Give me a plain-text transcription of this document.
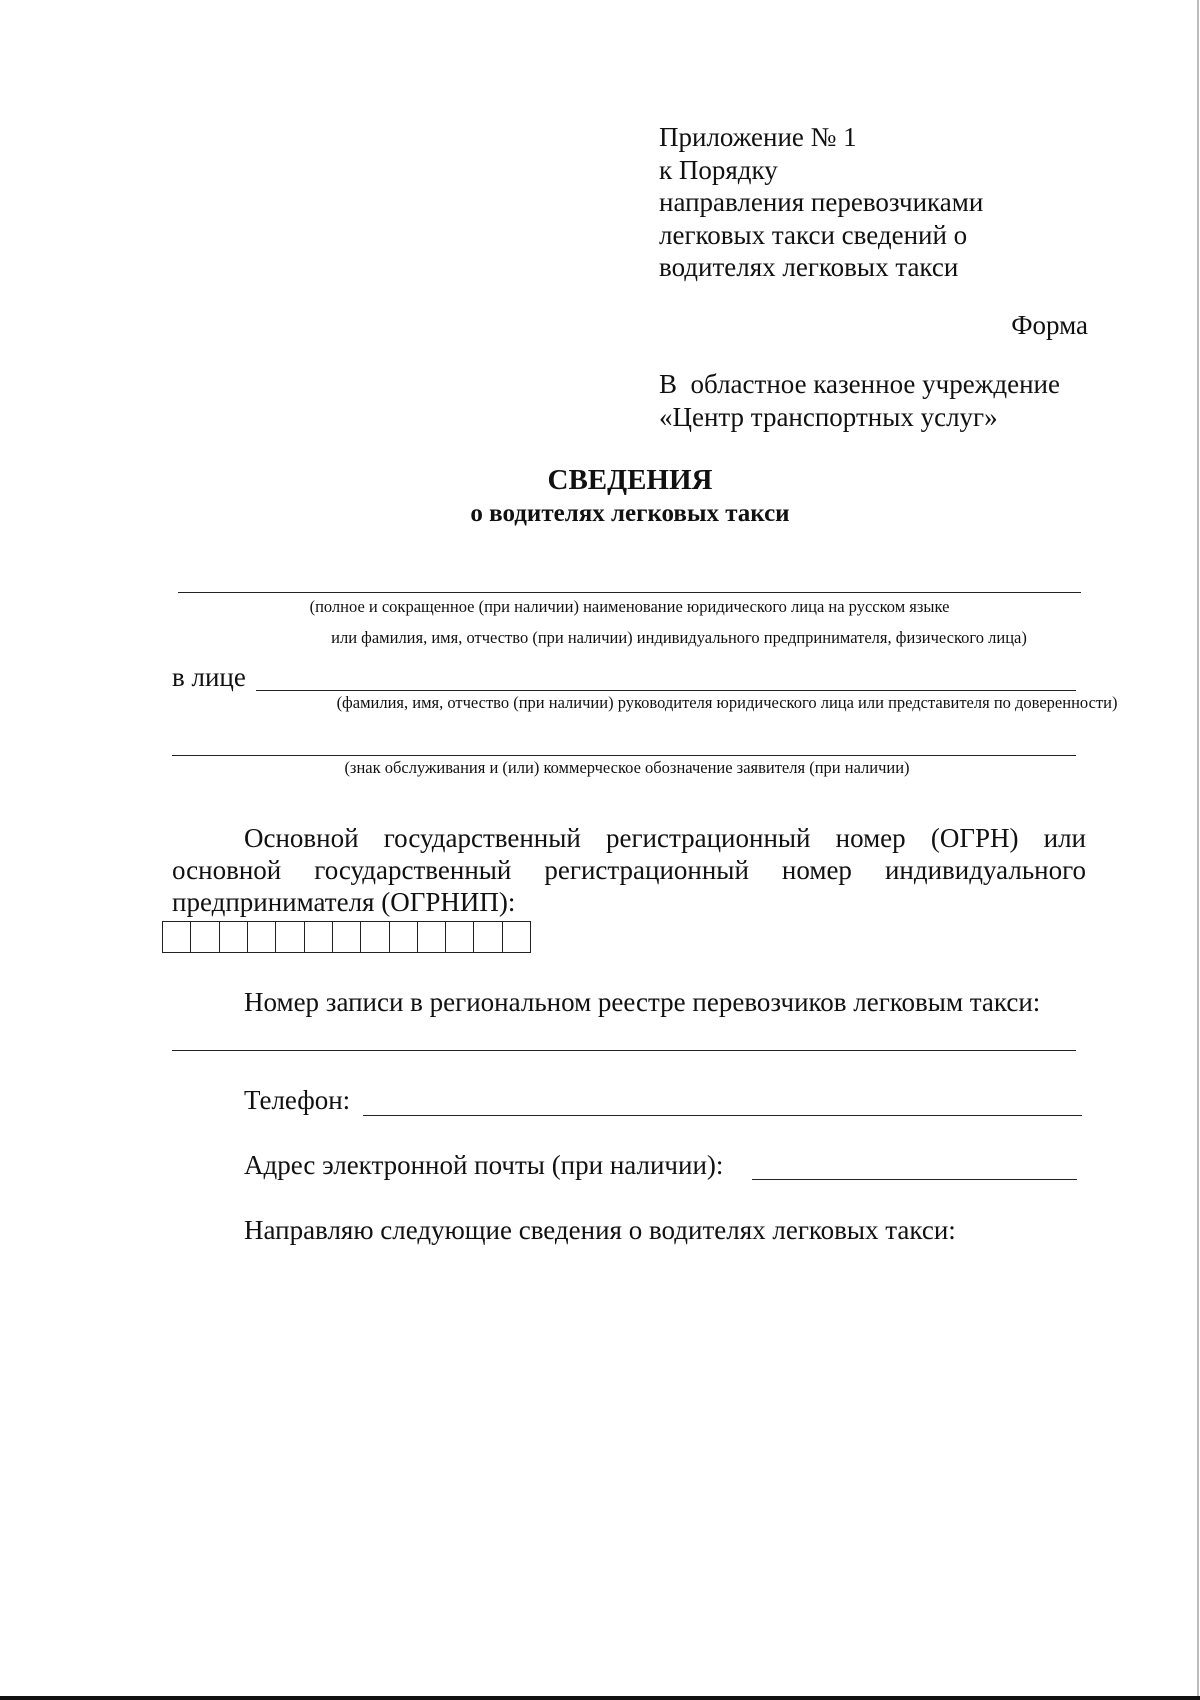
Приложение № 1
к Порядку
направления перевозчиками
легковых такси сведений о
водителях легковых такси
Форма
В  областное казенное учреждение
«Центр транспортных услуг»
СВЕДЕНИЯ
о водителях легковых такси
(полное и сокращенное (при наличии) наименование юридического лица на русском языке
или фамилия, имя, отчество (при наличии) индивидуального предпринимателя, физического лица)
в лице
(фамилия, имя, отчество (при наличии) руководителя юридического лица или представителя по доверенности)
(знак обслуживания и (или) коммерческое обозначение заявителя (при наличии)
Основной государственный регистрационный номер (ОГРН) или основной государственный регистрационный номер индивидуального предпринимателя (ОГРНИП):
Номер записи в региональном реестре перевозчиков легковым такси:
Телефон:
Адрес электронной почты (при наличии):
Направляю следующие сведения о водителях легковых такси:
